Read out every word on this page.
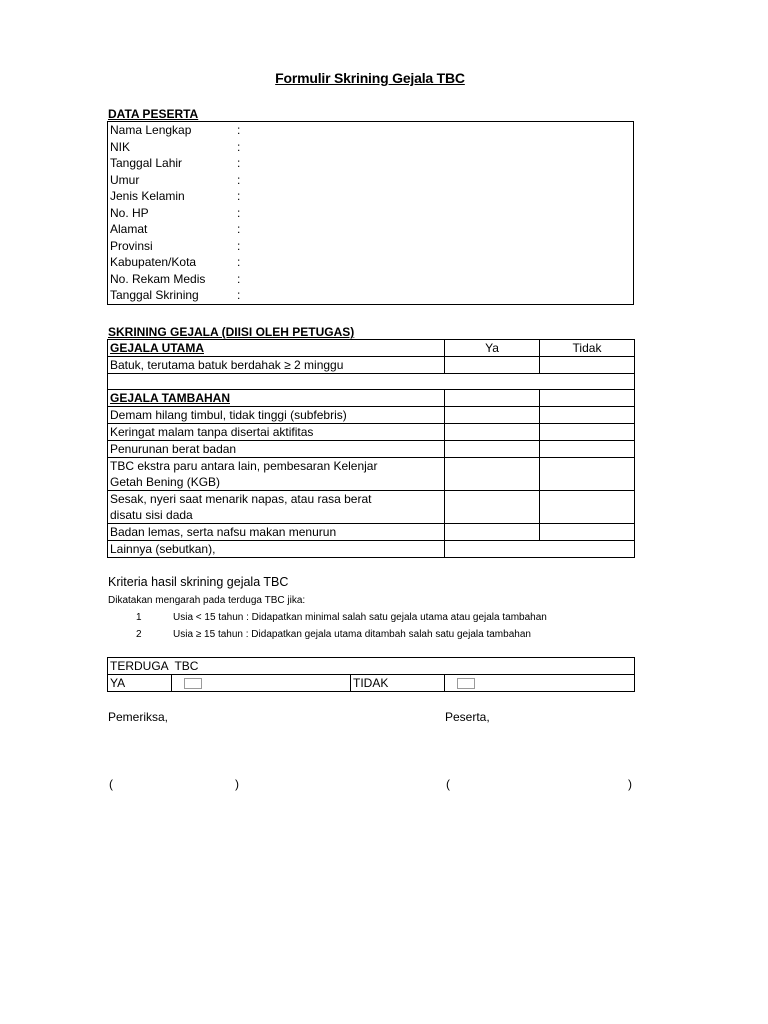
Formulir Skrining Gejala TBC
DATA PESERTA
Nama Lengkap	:
NIK	:
Tanggal Lahir	:
Umur	:
Jenis Kelamin	:
No. HP	:
Alamat	:
Provinsi	:
Kabupaten/Kota	:
No. Rekam Medis	:
Tanggal Skrining	:
SKRINING GEJALA (DIISI OLEH PETUGAS)
GEJALA UTAMA	Ya	Tidak
Batuk, terutama batuk berdahak ≥ 2 minggu		

GEJALA TAMBAHAN		
Demam hilang timbul, tidak tinggi (subfebris)		
Keringat malam tanpa disertai aktifitas		
Penurunan berat badan		
TBC ekstra paru antara lain, pembesaran Kelenjar Getah Bening (KGB)		
Sesak, nyeri saat menarik napas, atau rasa berat disatu sisi dada		
Badan lemas, serta nafsu makan menurun		
Lainnya (sebutkan),		
Kriteria hasil skrining gejala TBC
Dikatakan mengarah pada terduga TBC jika:
1	Usia < 15 tahun : Didapatkan minimal salah satu gejala utama atau gejala tambahan
2	Usia ≥ 15 tahun : Didapatkan gejala utama ditambah salah satu gejala tambahan
TERDUGA  TBC
YA		TIDAK	
Pemeriksa,	Peserta,
(	)	(	)
